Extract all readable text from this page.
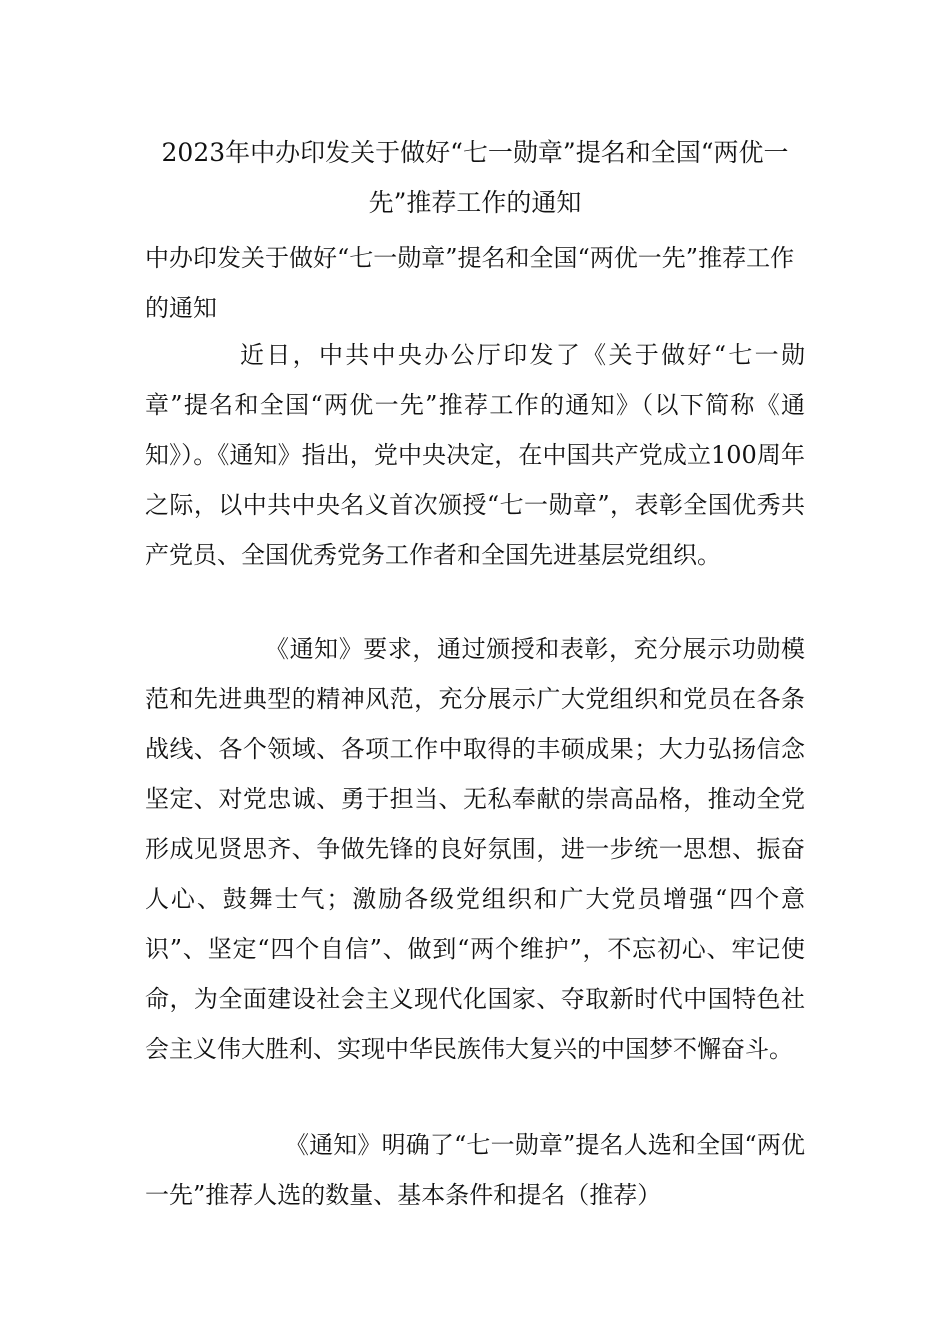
2023年中办印发关于做好“七一勋章”提名和全国“两优一先”推荐工作的通知
中办印发关于做好“七一勋章”提名和全国“两优一先”推荐工作的通知

近日，中共中央办公厅印发了《关于做好“七一勋章”提名和全国“两优一先”推荐工作的通知》（以下简称《通知》）。《通知》指出，党中央决定，在中国共产党成立100周年之际，以中共中央名义首次颁授“七一勋章”，表彰全国优秀共产党员、全国优秀党务工作者和全国先进基层党组织。

《通知》要求，通过颁授和表彰，充分展示功勋模范和先进典型的精神风范，充分展示广大党组织和党员在各条战线、各个领域、各项工作中取得的丰硕成果；大力弘扬信念坚定、对党忠诚、勇于担当、无私奉献的崇高品格，推动全党形成见贤思齐、争做先锋的良好氛围，进一步统一思想、振奋人心、鼓舞士气；激励各级党组织和广大党员增强“四个意识”、坚定“四个自信”、做到“两个维护”，不忘初心、牢记使命，为全面建设社会主义现代化国家、夺取新时代中国特色社会主义伟大胜利、实现中华民族伟大复兴的中国梦不懈奋斗。

《通知》明确了“七一勋章”提名人选和全国“两优一先”推荐人选的数量、基本条件和提名（推荐）
